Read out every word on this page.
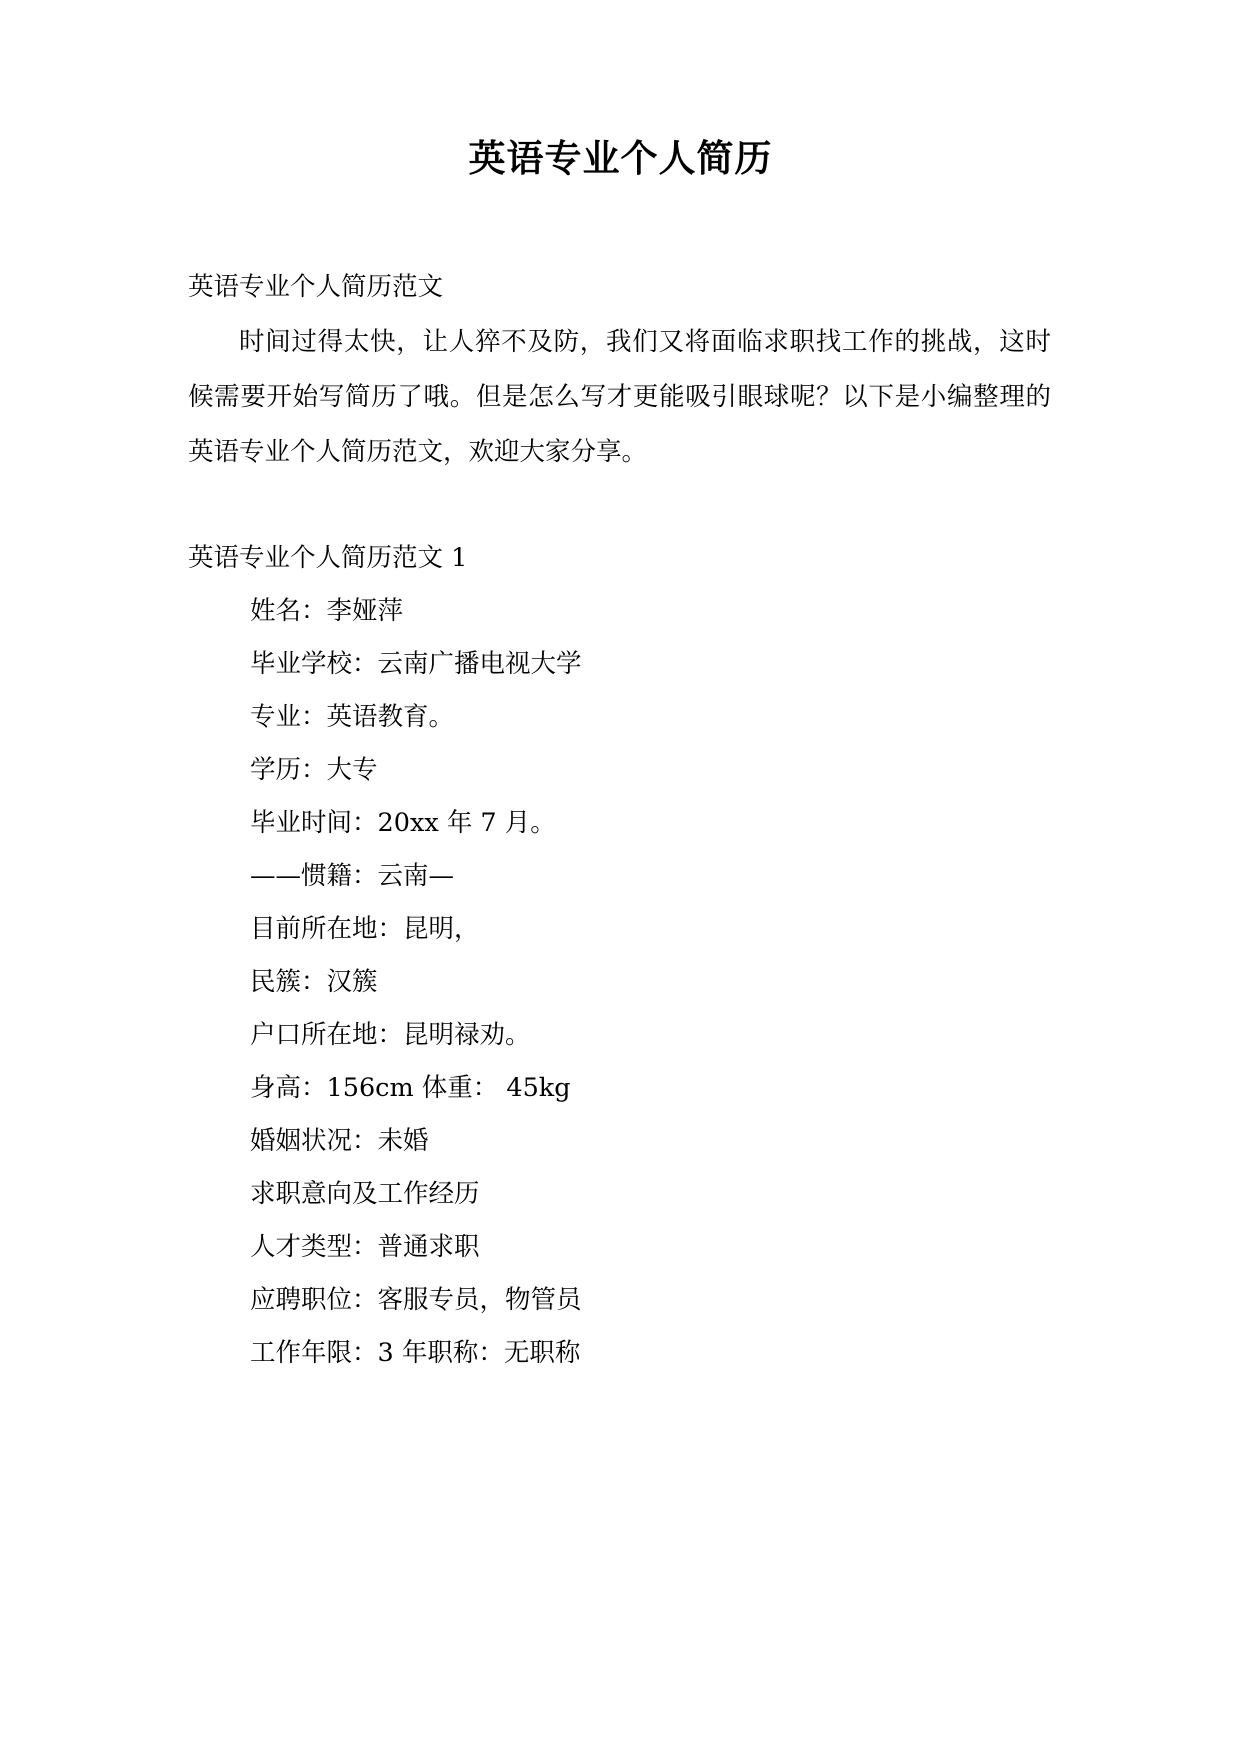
英语专业个人简历

英语专业个人简历范文

时间过得太快，让人猝不及防，我们又将面临求职找工作的挑战，这时候需要开始写简历了哦。但是怎么写才更能吸引眼球呢？以下是小编整理的英语专业个人简历范文，欢迎大家分享。

英语专业个人简历范文 1

姓名：李娅萍

毕业学校：云南广播电视大学

专业：英语教育。

学历：大专

毕业时间：20xx 年 7 月。

——惯籍：云南—

目前所在地：昆明，

民簇：汉簇

户口所在地：昆明禄劝。

身高：156cm 体重： 45kg

婚姻状况：未婚

求职意向及工作经历

人才类型：普通求职

应聘职位：客服专员，物管员

工作年限：3 年职称：无职称
